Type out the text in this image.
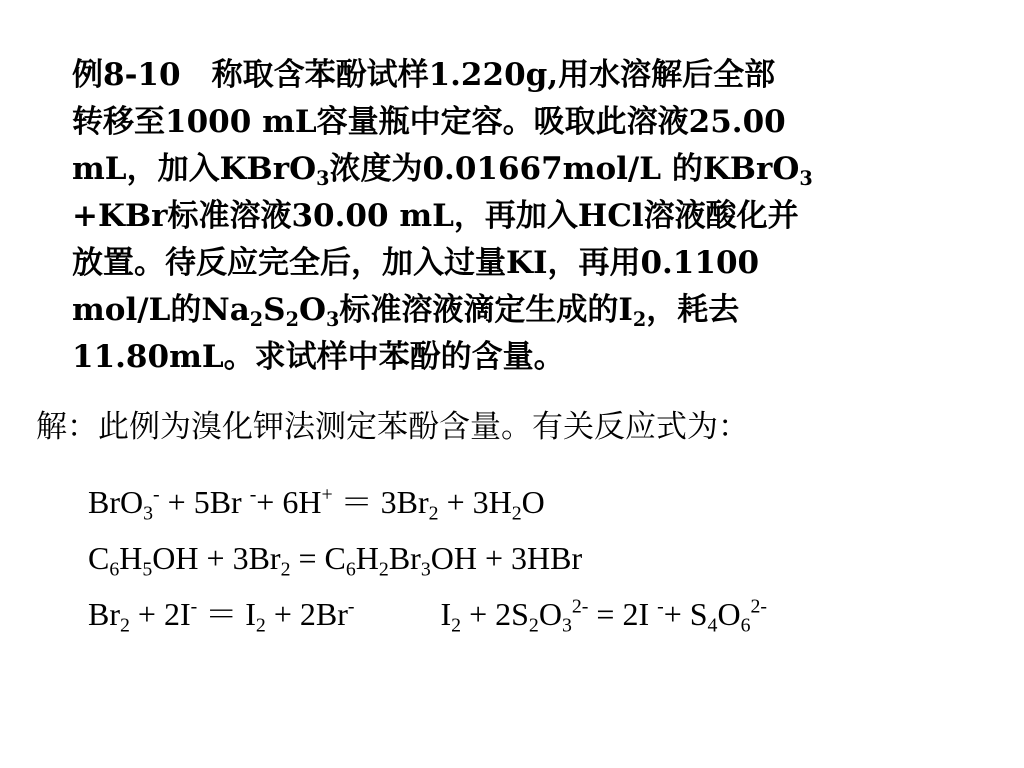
例8-10　称取含苯酚试样1.220g,用水溶解后全部
转移至1000 mL容量瓶中定容。吸取此溶液25.00
mL，加入KBrO$_3$浓度为0.01667mol/L 的KBrO$_3$
+KBr标准溶液30.00 mL，再加入HCl溶液酸化并
放置。待反应完全后，加入过量KI，再用0.1100
mol/L的$Na_2S_2O_3$标准溶液滴定生成的$I_2$，耗去
11.80mL。求试样中苯酚的含量。
解：此例为溴化钾法测定苯酚含量。有关反应式为：
BrO$_3$- + 5Br $^-+ 6H^+ = 3Br_2 + 3H_2O$
$C_6H_5OH + 3Br_2 = C_6H_2Br_3OH + 3HBr$
$Br_2 + 2I^- = I_2 + 2Br^-$	$I_2 + 2S_2O_3^{2-} = 2I$ $^-+ S_4O_6^{2-}$
